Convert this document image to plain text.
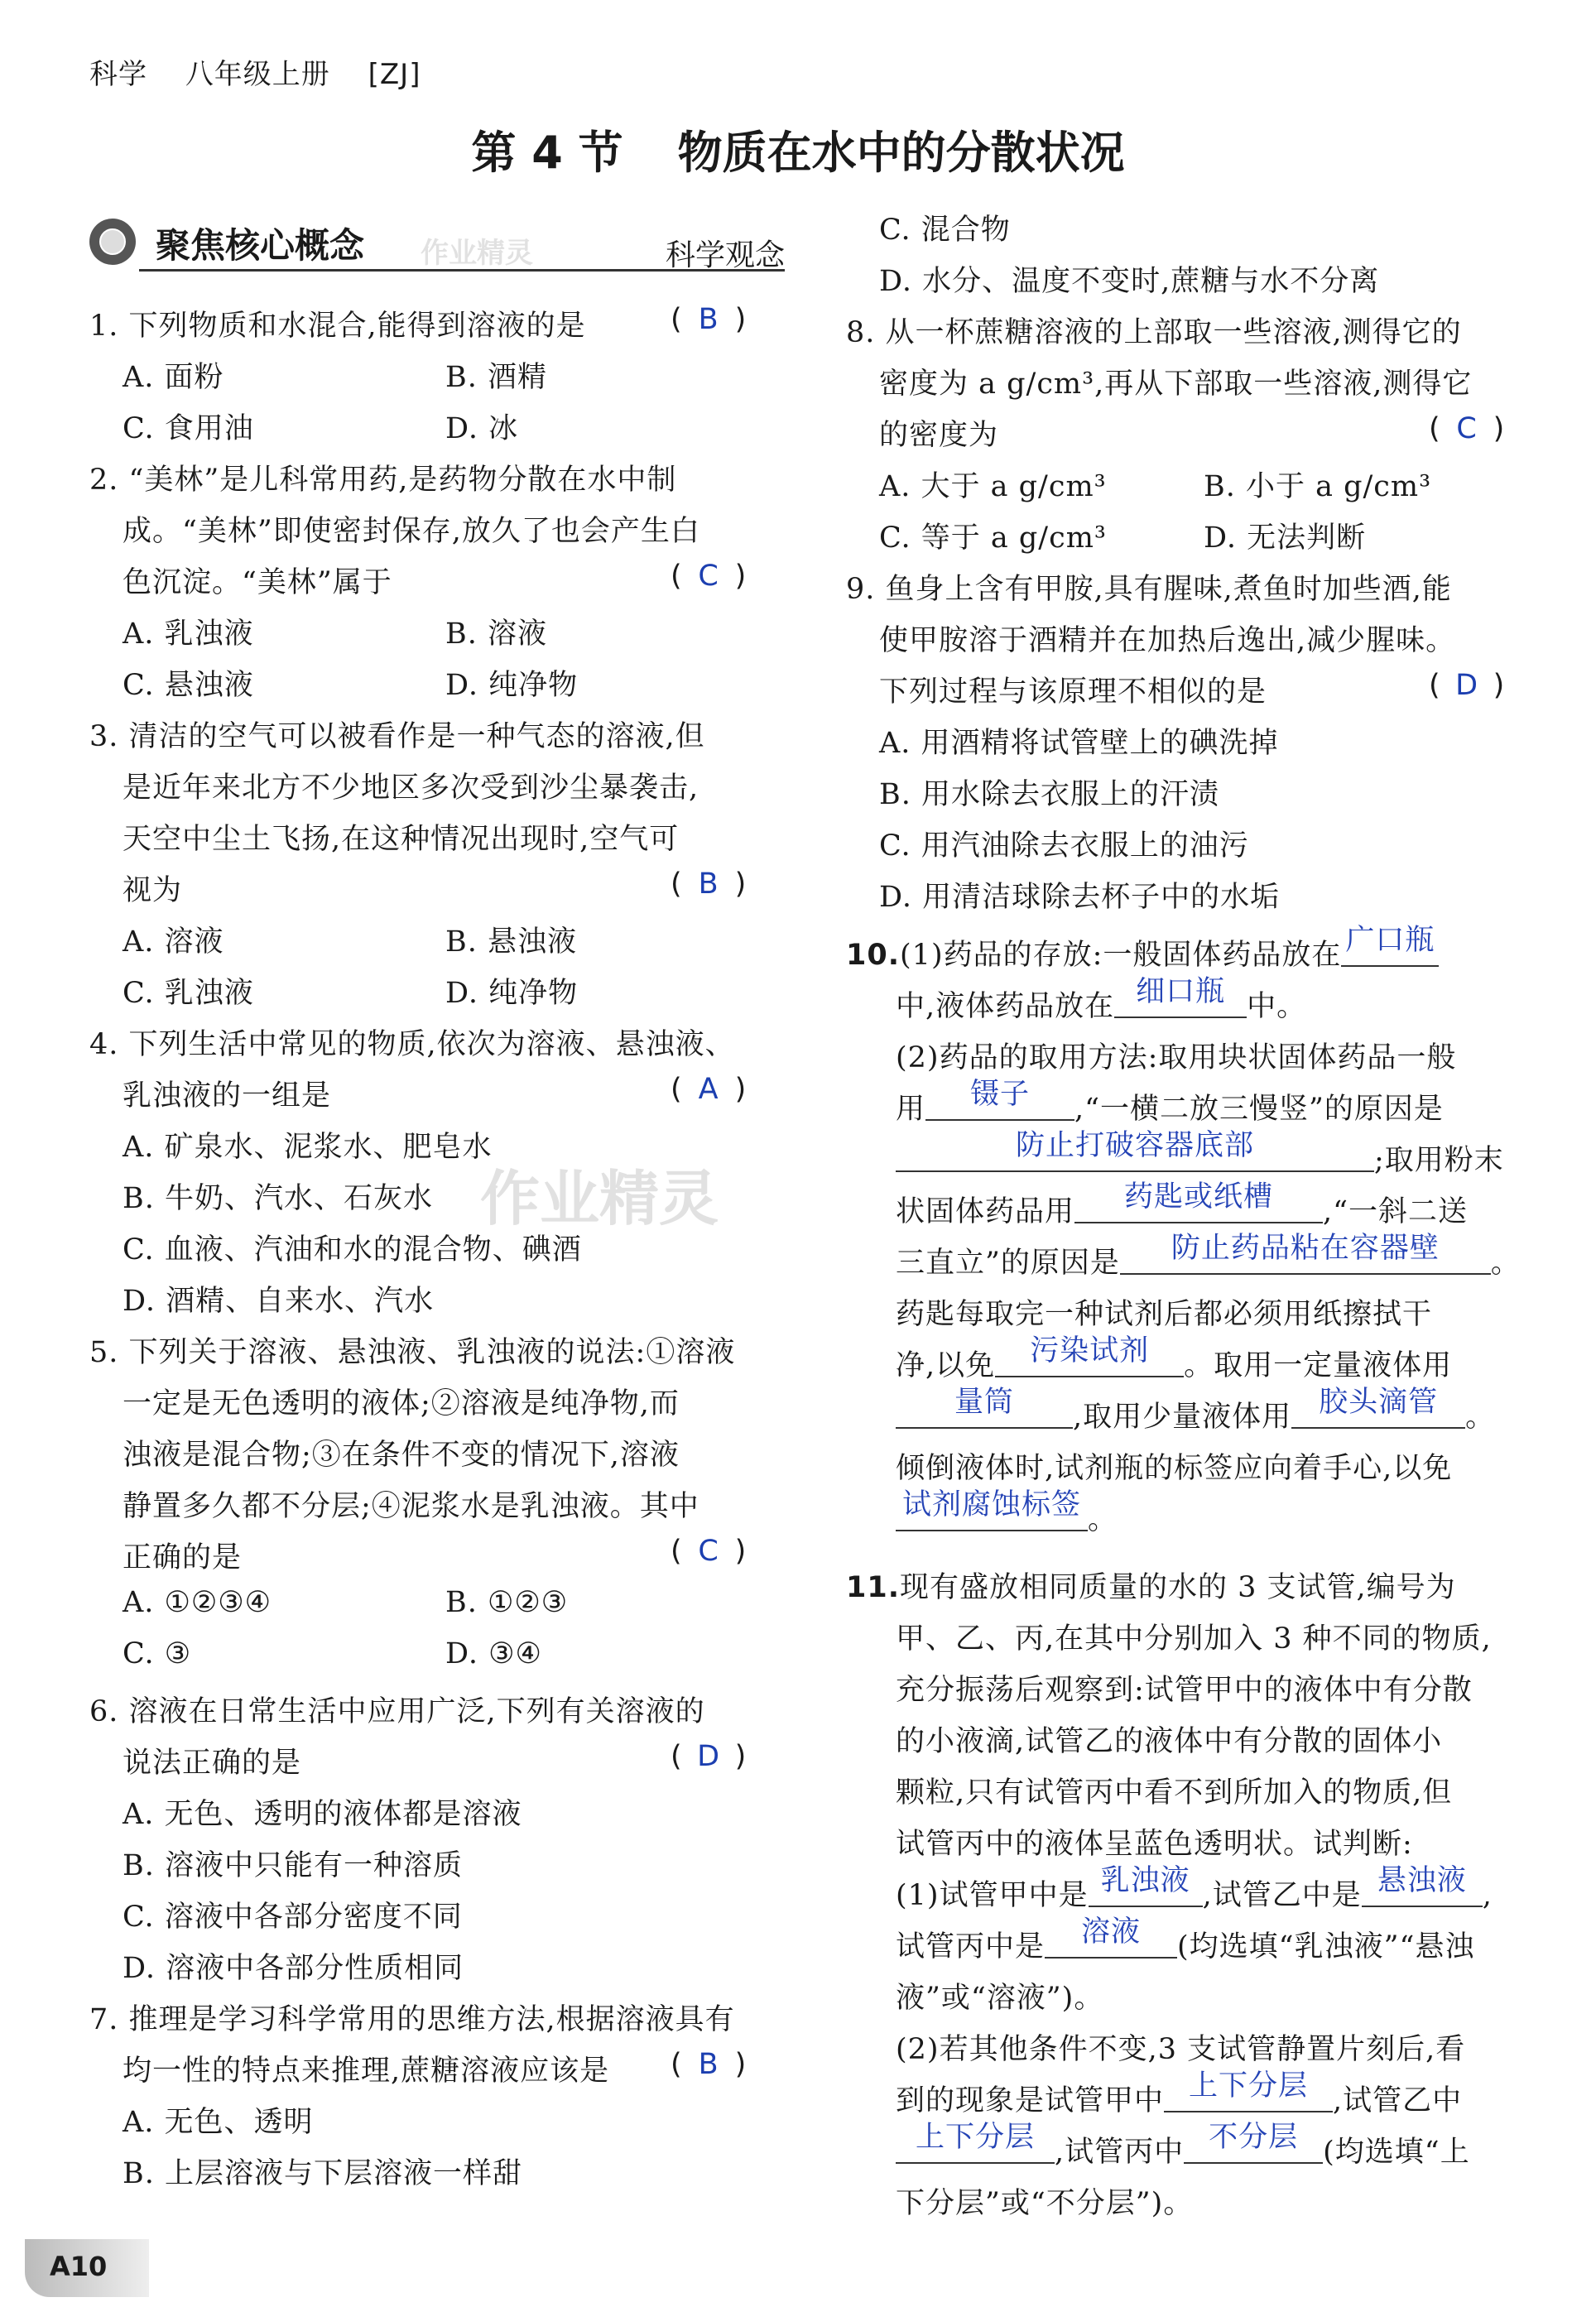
科学 八年级上册 [ZJ]
第 4 节 物质在水中的分散状况
聚焦核心概念 作业精灵	科学观念
作业精灵
1. 下列物质和水混合,能得到溶液的是
A. 面粉	B. 酒精
C. 食用油	D. 冰
2. “美林”是儿科常用药,是药物分散在水中制
成。“美林”即使密封保存,放久了也会产生白
色沉淀。“美林”属于
A. 乳浊液	B. 溶液
C. 悬浊液	D. 纯净物
3. 清洁的空气可以被看作是一种气态的溶液,但
是近年来北方不少地区多次受到沙尘暴袭击,
天空中尘土飞扬,在这种情况出现时,空气可
视为
A. 溶液	B. 悬浊液
C. 乳浊液	D. 纯净物
4. 下列生活中常见的物质,依次为溶液、悬浊液、
乳浊液的一组是
A. 矿泉水、泥浆水、肥皂水
B. 牛奶、汽水、石灰水
C. 血液、汽油和水的混合物、碘酒
D. 酒精、自来水、汽水
5. 下列关于溶液、悬浊液、乳浊液的说法:①溶液
一定是无色透明的液体;②溶液是纯净物,而
浊液是混合物;③在条件不变的情况下,溶液
静置多久都不分层;④泥浆水是乳浊液。其中
正确的是
A. ①②③④	B. ①②③
C. ③	D. ③④
6. 溶液在日常生活中应用广泛,下列有关溶液的
说法正确的是
A. 无色、透明的液体都是溶液
B. 溶液中只能有一种溶质
C. 溶液中各部分密度不同
D. 溶液中各部分性质相同
7. 推理是学习科学常用的思维方法,根据溶液具有
均一性的特点来推理,蔗糖溶液应该是
A. 无色、透明
B. 上层溶液与下层溶液一样甜
( B )
( C )
( B )
( A )
( C )
( D )
( B )
C. 混合物
D. 水分、温度不变时,蔗糖与水不分离
8. 从一杯蔗糖溶液的上部取一些溶液,测得它的
密度为 a g/cm³,再从下部取一些溶液,测得它
的密度为
A. 大于 a g/cm³	B. 小于 a g/cm³
C. 等于 a g/cm³	D. 无法判断
9. 鱼身上含有甲胺,具有腥味,煮鱼时加些酒,能
使甲胺溶于酒精并在加热后逸出,减少腥味。
下列过程与该原理不相似的是
A. 用酒精将试管壁上的碘洗掉
B. 用水除去衣服上的汗渍
C. 用汽油除去衣服上的油污
D. 用清洁球除去杯子中的水垢
( C )
( D )
10.(1)药品的存放:一般固体药品放在 广口瓶
中,液体药品放在 细口瓶 中。
(2)药品的取用方法:取用块状固体药品一般
用 镊子 ,“一横二放三慢竖”的原因是
防止打破容器底部	;取用粉末
状固体药品用 药匙或纸槽 ,“一斜二送
三直立”的原因是 防止药品粘在容器壁 。
药匙每取完一种试剂后都必须用纸擦拭干
净,以免 污染试剂 。取用一定量液体用
量筒 ,取用少量液体用 胶头滴管 。
倾倒液体时,试剂瓶的标签应向着手心,以免
试剂腐蚀标签 。
11.现有盛放相同质量的水的 3 支试管,编号为
甲、乙、丙,在其中分别加入 3 种不同的物质,
充分振荡后观察到:试管甲中的液体中有分散
的小液滴,试管乙的液体中有分散的固体小
颗粒,只有试管丙中看不到所加入的物质,但
试管丙中的液体呈蓝色透明状。试判断:
(1)试管甲中是 乳浊液 ,试管乙中是 悬浊液 ,
试管丙中是 溶液 (均选填“乳浊液”“悬浊
液”或“溶液”)。
(2)若其他条件不变,3 支试管静置片刻后,看
到的现象是试管甲中 上下分层 ,试管乙中
上下分层 ,试管丙中 不分层 (均选填“上
下分层”或“不分层”)。
A10
